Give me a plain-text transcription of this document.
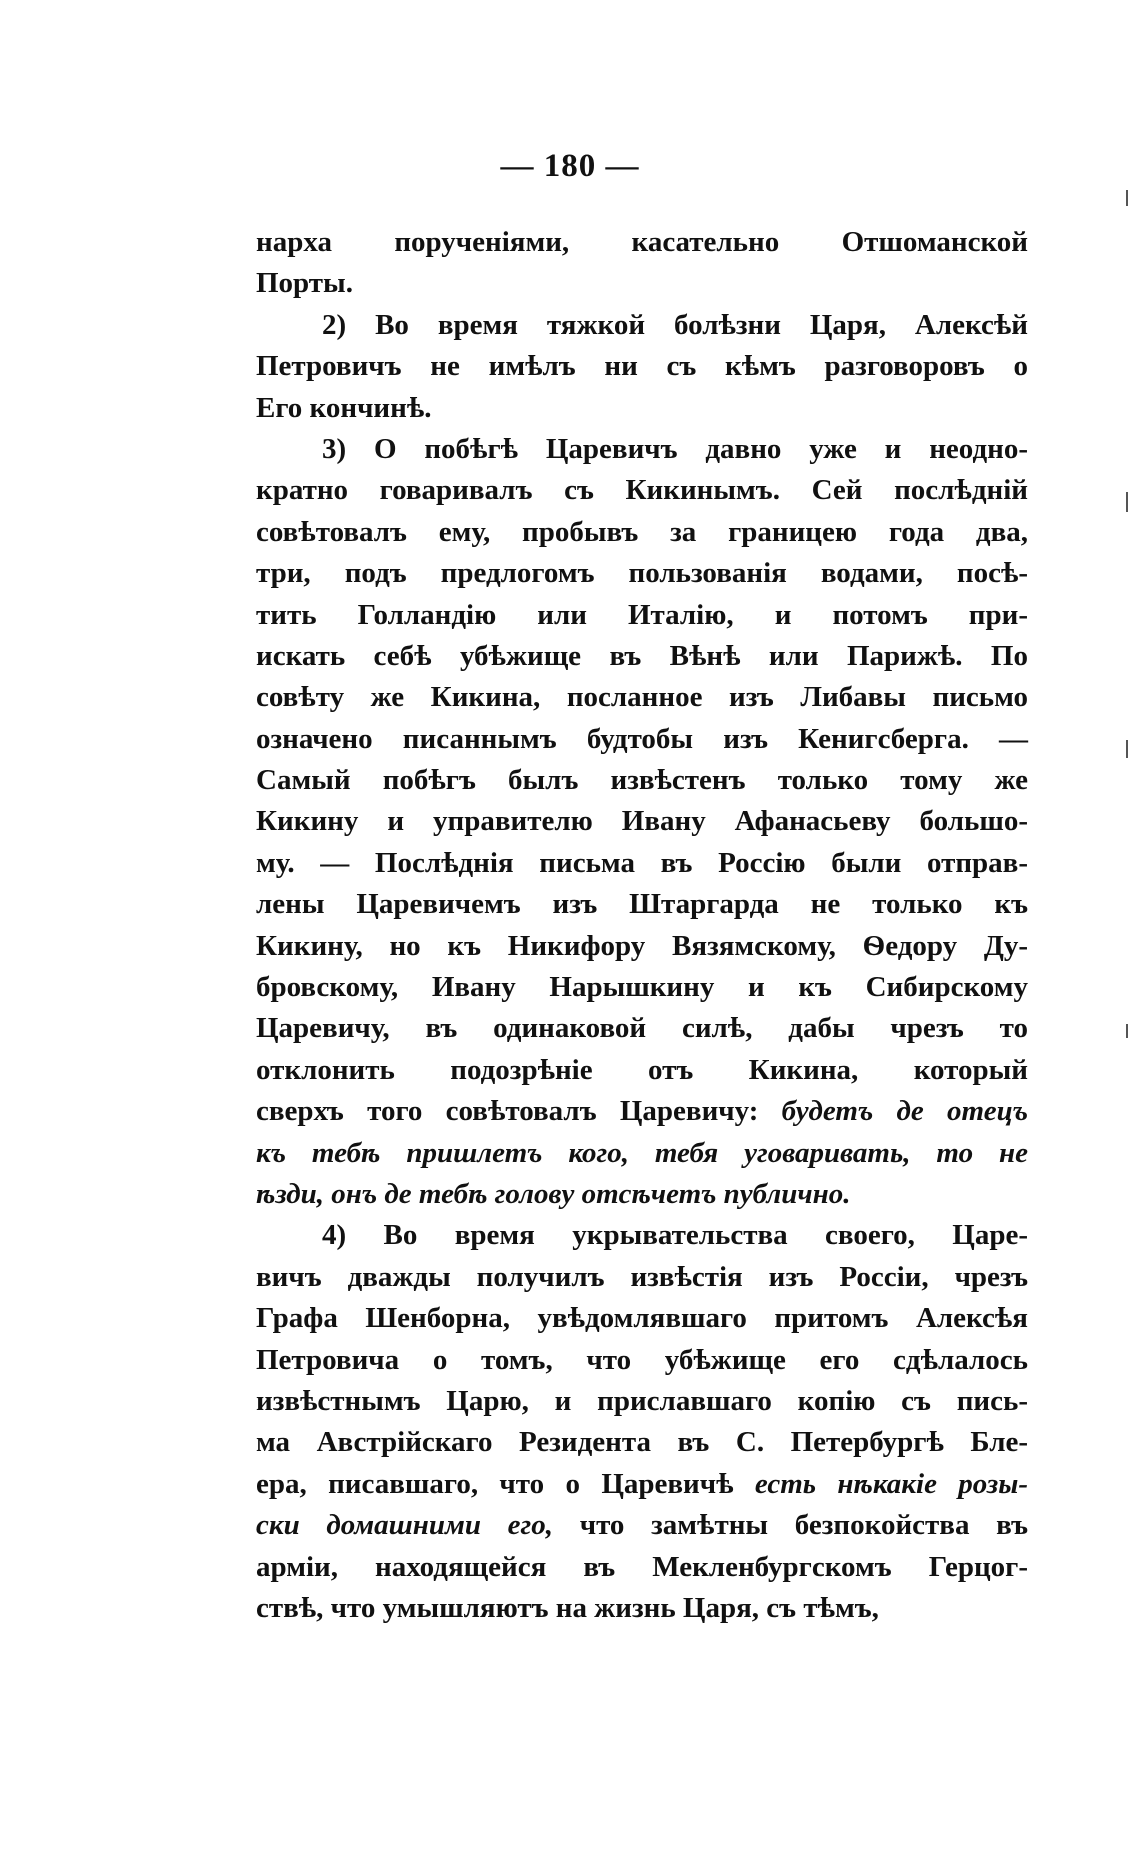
— 180 —
нарха порученіями, касательно Отшоманской
Порты.
2) Во время тяжкой болѣзни Царя, Алексѣй
Петровичъ не имѣлъ ни съ кѣмъ разговоровъ о
Его кончинѣ.
3) О побѣгѣ Царевичъ давно уже и неодно-
кратно говаривалъ съ Кикинымъ. Сей послѣдній
совѣтовалъ ему, пробывъ за границею года два,
три, подъ предлогомъ пользованія водами, посѣ-
тить Голландію или Италію, и потомъ при-
искать себѣ убѣжище въ Вѣнѣ или Парижѣ. По
совѣту же Кикина, посланное изъ Либавы письмо
означено писаннымъ будтобы изъ Кенигсберга. —
Самый побѣгъ былъ извѣстенъ только тому же
Кикину и управителю Ивану Афанасьеву большо-
му. — Послѣднія письма въ Россію были отправ-
лены Царевичемъ изъ Штаргарда не только къ
Кикину, но къ Никифору Вязямскому, Ѳедору Ду-
бровскому, Ивану Нарышкину и къ Сибирскому
Царевичу, въ одинаковой силѣ, дабы чрезъ то
отклонить подозрѣніе отъ Кикина, который
сверхъ того совѣтовалъ Царевичу: будетъ де отецъ
къ тебѣ пришлетъ кого, тебя уговаривать, то не
ѣзди, онъ де тебѣ голову отсѣчетъ публично.
4) Во время укрывательства своего, Царе-
вичъ дважды получилъ извѣстія изъ Россіи, чрезъ
Графа Шенборна, увѣдомлявшаго притомъ Алексѣя
Петровича о томъ, что убѣжище его сдѣлалось
извѣстнымъ Царю, и приславшаго копію съ пись-
ма Австрійскаго Резидента въ С. Петербургѣ Бле-
ера, писавшаго, что о Царевичѣ есть нѣкакіе розы-
ски домашними его, что замѣтны безпокойства въ
арміи, находящейся въ Мекленбургскомъ Герцог-
ствѣ, что умышляютъ на жизнь Царя, съ тѣмъ,
